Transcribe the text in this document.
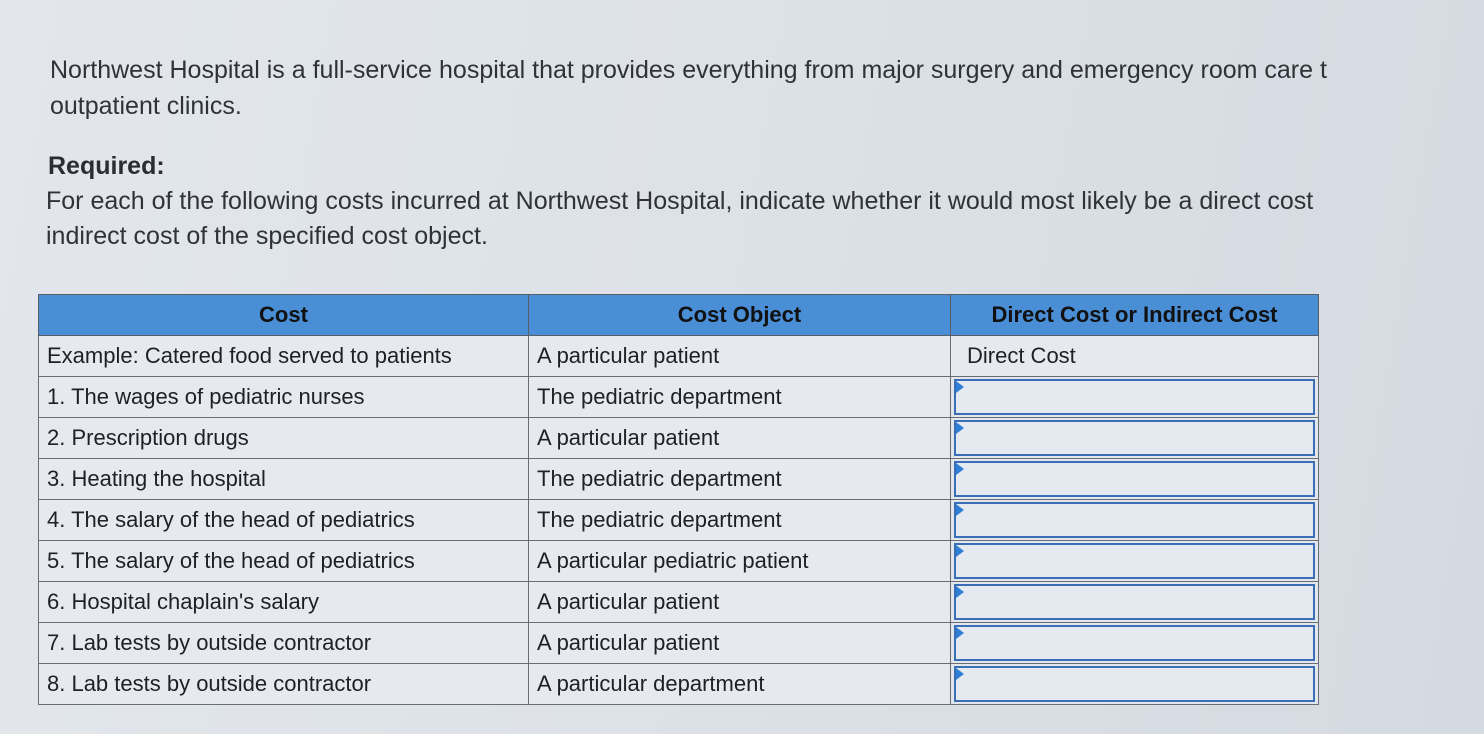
Northwest Hospital is a full-service hospital that provides everything from major surgery and emergency room care t
outpatient clinics.
Required:
For each of the following costs incurred at Northwest Hospital, indicate whether it would most likely be a direct cost
indirect cost of the specified cost object.
Cost	Cost Object	Direct Cost or Indirect Cost
Example: Catered food served to patients	A particular patient	Direct Cost

1. The wages of pediatric nurses	The pediatric department	

2. Prescription drugs	A particular patient	

3. Heating the hospital	The pediatric department	

4. The salary of the head of pediatrics	The pediatric department	

5. The salary of the head of pediatrics	A particular pediatric patient	

6. Hospital chaplain's salary	A particular patient	

7. Lab tests by outside contractor	A particular patient	

8. Lab tests by outside contractor	A particular department	
